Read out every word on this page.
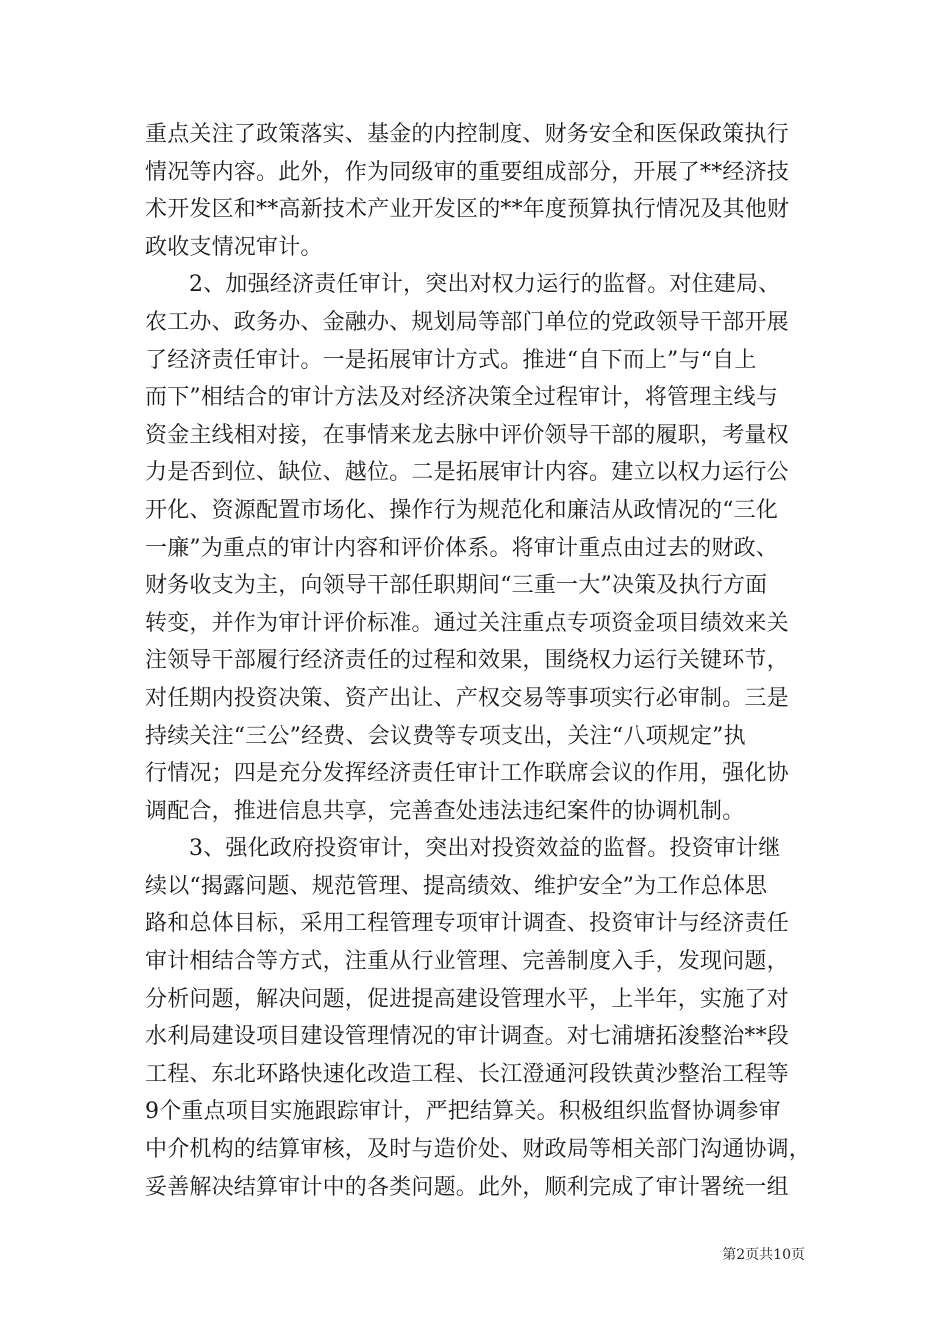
重点关注了政策落实、基金的内控制度、财务安全和医保政策执行
情况等内容。此外，作为同级审的重要组成部分，开展了**经济技
术开发区和**高新技术产业开发区的**年度预算执行情况及其他财
政收支情况审计。
2、加强经济责任审计，突出对权力运行的监督。对住建局、
农工办、政务办、金融办、规划局等部门单位的党政领导干部开展
了经济责任审计。一是拓展审计方式。推进“自下而上”与“自上
而下”相结合的审计方法及对经济决策全过程审计，将管理主线与
资金主线相对接，在事情来龙去脉中评价领导干部的履职，考量权
力是否到位、缺位、越位。二是拓展审计内容。建立以权力运行公
开化、资源配置市场化、操作行为规范化和廉洁从政情况的“三化
一廉”为重点的审计内容和评价体系。将审计重点由过去的财政、
财务收支为主，向领导干部任职期间“三重一大”决策及执行方面
转变，并作为审计评价标准。通过关注重点专项资金项目绩效来关
注领导干部履行经济责任的过程和效果，围绕权力运行关键环节，
对任期内投资决策、资产出让、产权交易等事项实行必审制。三是
持续关注“三公”经费、会议费等专项支出，关注“八项规定”执
行情况；四是充分发挥经济责任审计工作联席会议的作用，强化协
调配合，推进信息共享，完善查处违法违纪案件的协调机制。
3、强化政府投资审计，突出对投资效益的监督。投资审计继
续以“揭露问题、规范管理、提高绩效、维护安全”为工作总体思
路和总体目标，采用工程管理专项审计调查、投资审计与经济责任
审计相结合等方式，注重从行业管理、完善制度入手，发现问题，
分析问题，解决问题，促进提高建设管理水平，上半年，实施了对
水利局建设项目建设管理情况的审计调查。对七浦塘拓浚整治**段
工程、东北环路快速化改造工程、长江澄通河段铁黄沙整治工程等
9个重点项目实施跟踪审计，严把结算关。积极组织监督协调参审
中介机构的结算审核，及时与造价处、财政局等相关部门沟通协调，
妥善解决结算审计中的各类问题。此外，顺利完成了审计署统一组
第2页共10页
